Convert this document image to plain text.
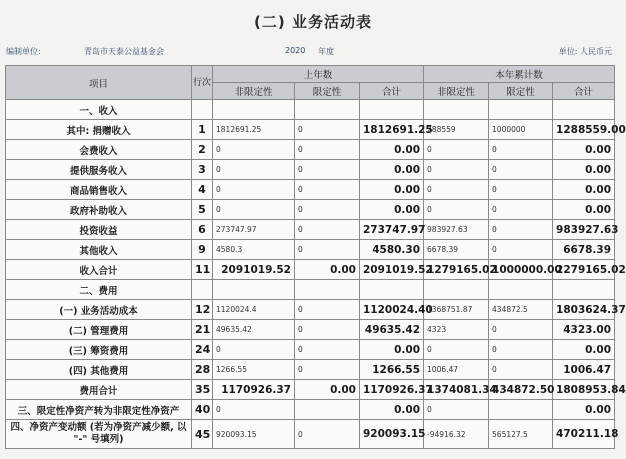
(二) 业务活动表
编制单位:	青岛市天泰公益基金会	2020 年度	单位: 人民币元
项目	行次	上年数			本年累计数		
		非限定性	限定性	合计	非限定性	限定性	合计
一、收入							
其中: 捐赠收入	1	1812691.25	0	1812691.25	288559	1000000	1288559.00
会费收入	2	0	0	0.00	0	0	0.00
提供服务收入	3	0	0	0.00	0	0	0.00
商品销售收入	4	0	0	0.00	0	0	0.00
政府补助收入	5	0	0	0.00	0	0	0.00
投资收益	6	273747.97	0	273747.97	983927.63	0	983927.63
其他收入	9	4580.3	0	4580.30	6678.39	0	6678.39
收入合计	11	2091019.52	0.00	2091019.52	1279165.02	1000000.00	2279165.02
二、费用							
(一) 业务活动成本	12	1120024.4	0	1120024.40	1368751.87	434872.5	1803624.37
(二) 管理费用	21	49635.42	0	49635.42	4323	0	4323.00
(三) 筹资费用	24	0	0	0.00	0	0	0.00
(四) 其他费用	28	1266.55	0	1266.55	1006.47	0	1006.47
费用合计	35	1170926.37	0.00	1170926.37	1374081.34	434872.50	1808953.84
三、限定性净资产转为非限定性净资产	40	0		0.00	0		0.00
四、净资产变动额 (若为净资产减少额, 以 "-" 号填列)	45	920093.15	0	920093.15	-94916.32	565127.5	470211.18
